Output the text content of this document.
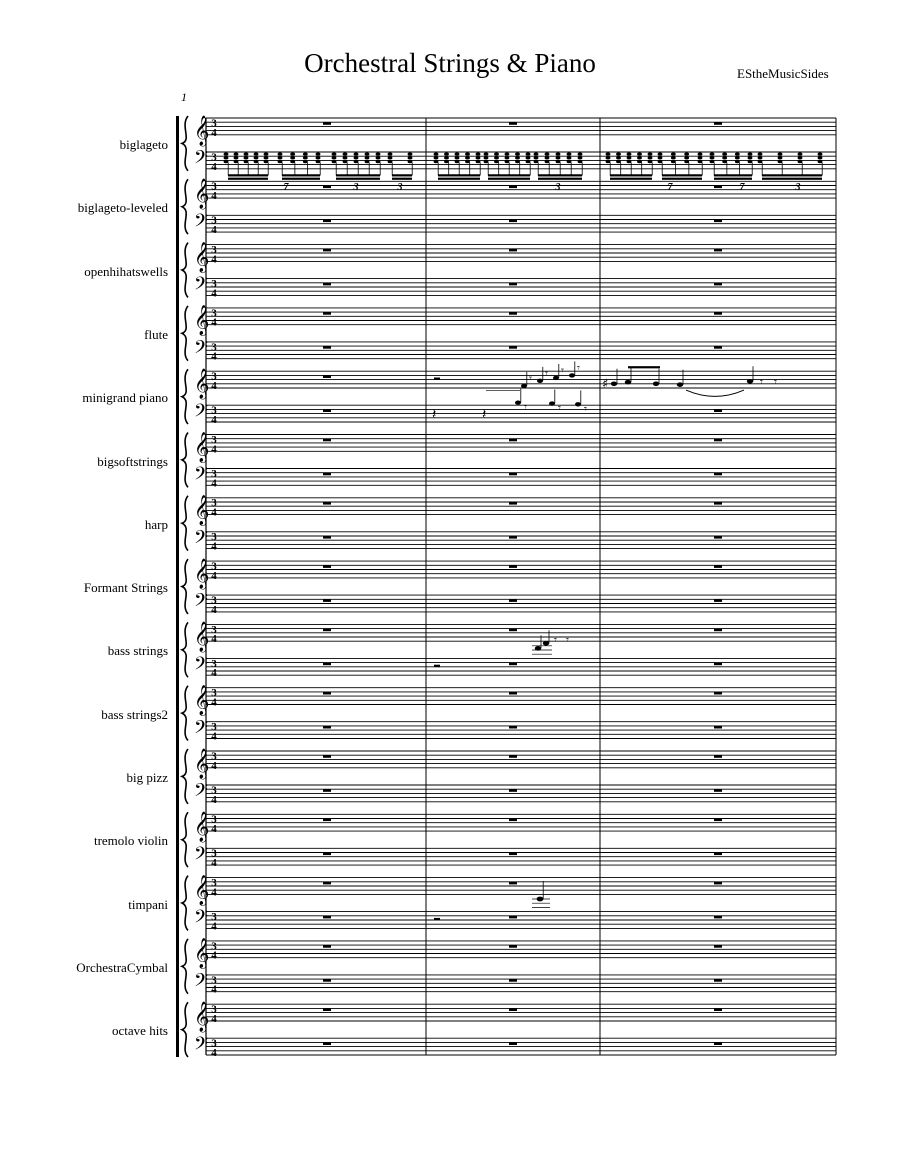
Orchestral Strings & Piano	EStheMusicSides
1
biglageto
biglageto-leveled
openhihatswells
flute
minigrand piano
bigsoftstrings
harp
Formant Strings
bass strings
bass strings2
big pizz
tremolo violin
timpani
OrchestraCymbal
octave hits
𝄞
𝄢
3
4
3
4
𝄞
𝄢
3
4
3
4
𝄞
𝄢
3
4
3
4
𝄞
𝄢
3
4
3
4
𝄞
𝄢
3
4
3
4
𝄞
𝄢
3
4
3
4
𝄞
𝄢
3
4
3
4
𝄞
𝄢
3
4
3
4
𝄞
𝄢
3
4
3
4
𝄞
𝄢
3
4
3
4
𝄞
𝄢
3
4
3
4
𝄞
𝄢
3
4
3
4
𝄞
𝄢
3
4
3
4
𝄞
𝄢
3
4
3
4
𝄞
𝄢
3
4
3
4
7	3	3	3	7	7	3
𝄾 𝄾 𝄾 𝄾
𝄽	𝄽	𝄾	𝄾 𝄾
♯	𝄾 𝄾
𝄾 𝄾
